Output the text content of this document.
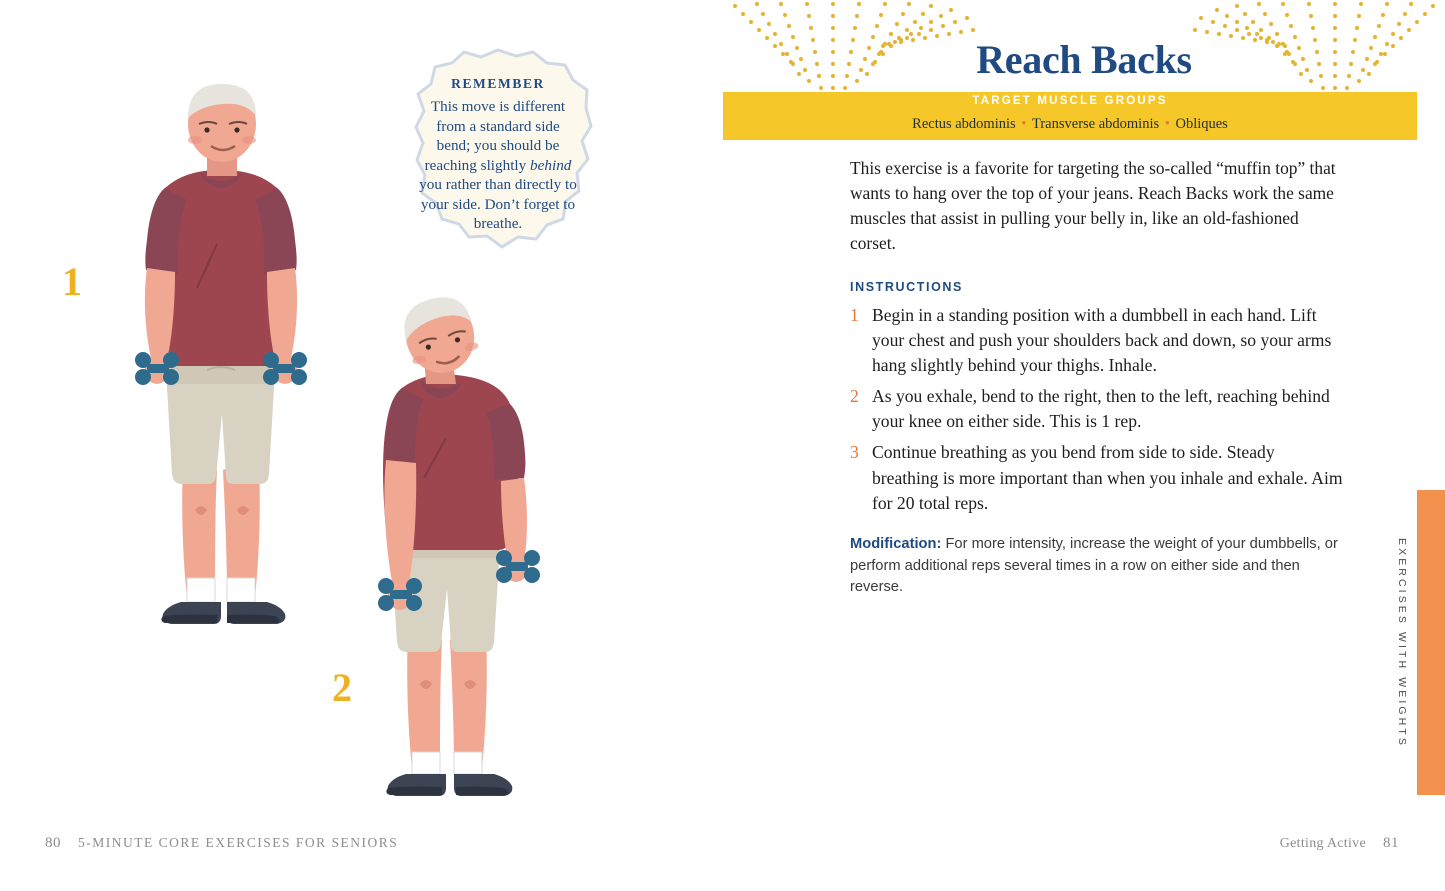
1
2
REMEMBER
This move is different from a standard side bend; you should be reaching slightly behind you rather than directly to your side. Don’t forget to breathe.
80 5-MINUTE CORE EXERCISES FOR SENIORS
Reach Backs
TARGET MUSCLE GROUPS
Rectus abdominis • Transverse abdominis • Obliques

This exercise is a favorite for targeting the so-called “muffin top” that wants to hang over the top of your jeans. Reach Backs work the same muscles that assist in pulling your belly in, like an old-fashioned corset.

INSTRUCTIONS
1 Begin in a standing position with a dumbbell in each hand. Lift your chest and push your shoulders back and down, so your arms hang slightly behind your thighs. Inhale.
2 As you exhale, bend to the right, then to the left, reaching behind your knee on either side. This is 1 rep.
3 Continue breathing as you bend from side to side. Steady breathing is more important than when you inhale and exhale. Aim for 20 total reps.

Modification: For more intensity, increase the weight of your dumbbells, or perform additional reps several times in a row on either side and then reverse.	EXERCISES WITH WEIGHTS
Getting Active 81
